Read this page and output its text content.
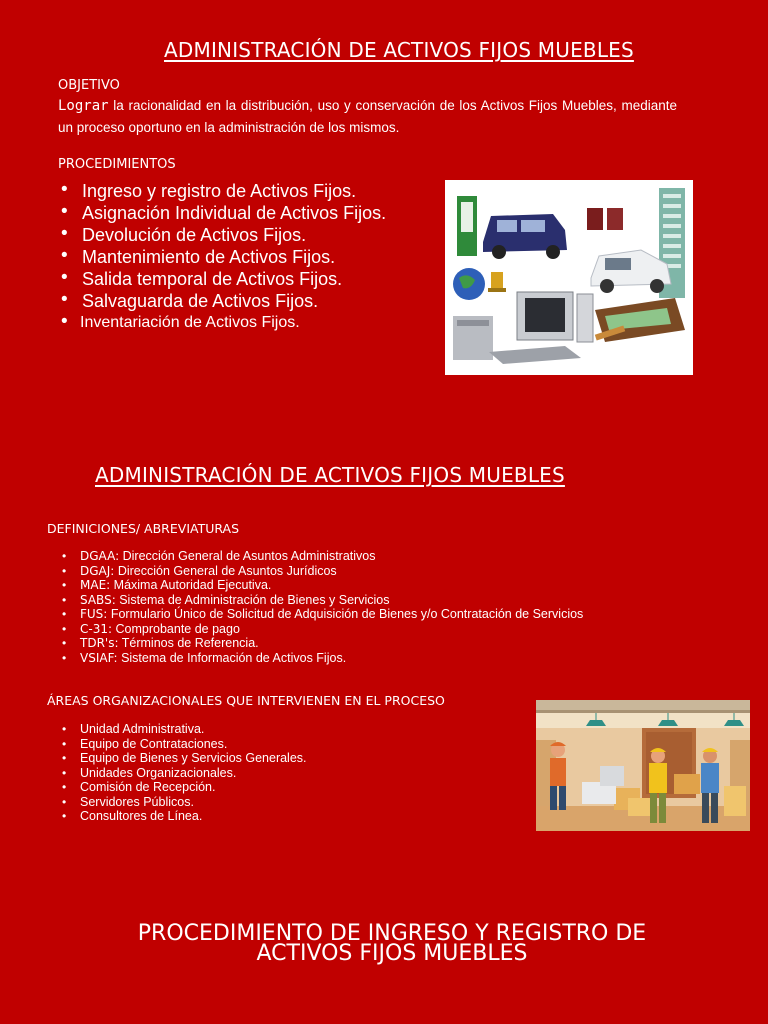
ADMINISTRACIÓN DE ACTIVOS FIJOS MUEBLES
OBJETIVO
Lograr la racionalidad en la distribución, uso y conservación de los Activos Fijos Muebles, mediante un proceso oportuno en la administración de los mismos.
PROCEDIMIENTOS
• Ingreso y registro de Activos Fijos.
• Asignación Individual de Activos Fijos.
• Devolución de Activos Fijos.
• Mantenimiento de Activos Fijos.
• Salida temporal de Activos Fijos.
• Salvaguarda de Activos Fijos.
• Inventariación de Activos Fijos.
ADMINISTRACIÓN DE ACTIVOS FIJOS MUEBLES
DEFINICIONES/ ABREVIATURAS
• DGAA: Dirección General de Asuntos Administrativos
• DGAJ: Dirección General de Asuntos Jurídicos
• MAE: Máxima Autoridad Ejecutiva.
• SABS: Sistema de Administración de Bienes y Servicios
• FUS: Formulario Único de Solicitud de Adquisición de Bienes y/o Contratación de Servicios
• C-31: Comprobante de pago
• TDR's: Términos de Referencia.
• VSIAF: Sistema de Información de Activos Fijos.
ÁREAS ORGANIZACIONALES QUE INTERVIENEN EN EL PROCESO
• Unidad Administrativa.
• Equipo de Contrataciones.
• Equipo de Bienes y Servicios Generales.
• Unidades Organizacionales.
• Comisión de Recepción.
• Servidores Públicos.
• Consultores de Línea.
PROCEDIMIENTO DE INGRESO Y REGISTRO DE
ACTIVOS FIJOS MUEBLES
